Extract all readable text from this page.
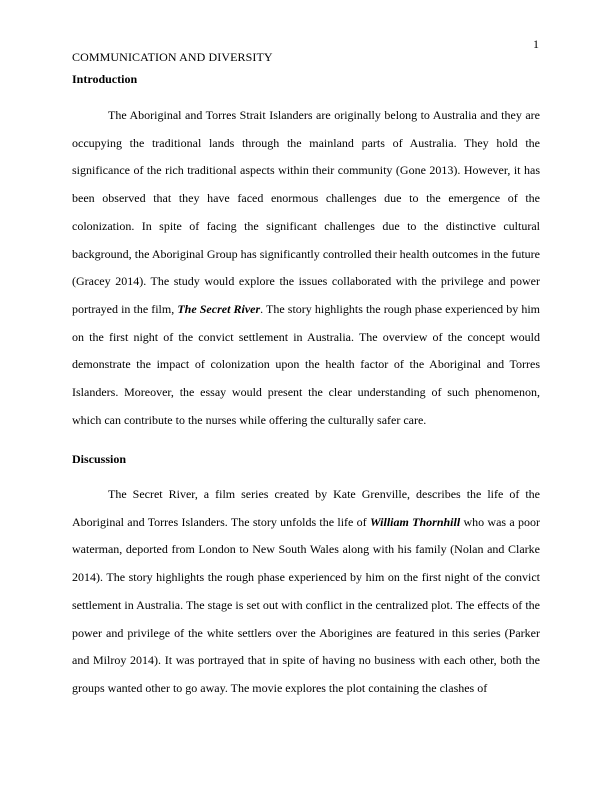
1
COMMUNICATION AND DIVERSITY
Introduction

The Aboriginal and Torres Strait Islanders are originally belong to Australia and they are occupying the traditional lands through the mainland parts of Australia. They hold the significance of the rich traditional aspects within their community (Gone 2013). However, it has been observed that they have faced enormous challenges due to the emergence of the colonization. In spite of facing the significant challenges due to the distinctive cultural background, the Aboriginal Group has significantly controlled their health outcomes in the future (Gracey 2014). The study would explore the issues collaborated with the privilege and power portrayed in the film, The Secret River. The story highlights the rough phase experienced by him on the first night of the convict settlement in Australia. The overview of the concept would demonstrate the impact of colonization upon the health factor of the Aboriginal and Torres Islanders. Moreover, the essay would present the clear understanding of such phenomenon, which can contribute to the nurses while offering the culturally safer care.

Discussion

The Secret River, a film series created by Kate Grenville, describes the life of the Aboriginal and Torres Islanders. The story unfolds the life of William Thornhill who was a poor waterman, deported from London to New South Wales along with his family (Nolan and Clarke 2014). The story highlights the rough phase experienced by him on the first night of the convict settlement in Australia. The stage is set out with conflict in the centralized plot. The effects of the power and privilege of the white settlers over the Aborigines are featured in this series (Parker and Milroy 2014). It was portrayed that in spite of having no business with each other, both the groups wanted other to go away. The movie explores the plot containing the clashes of
